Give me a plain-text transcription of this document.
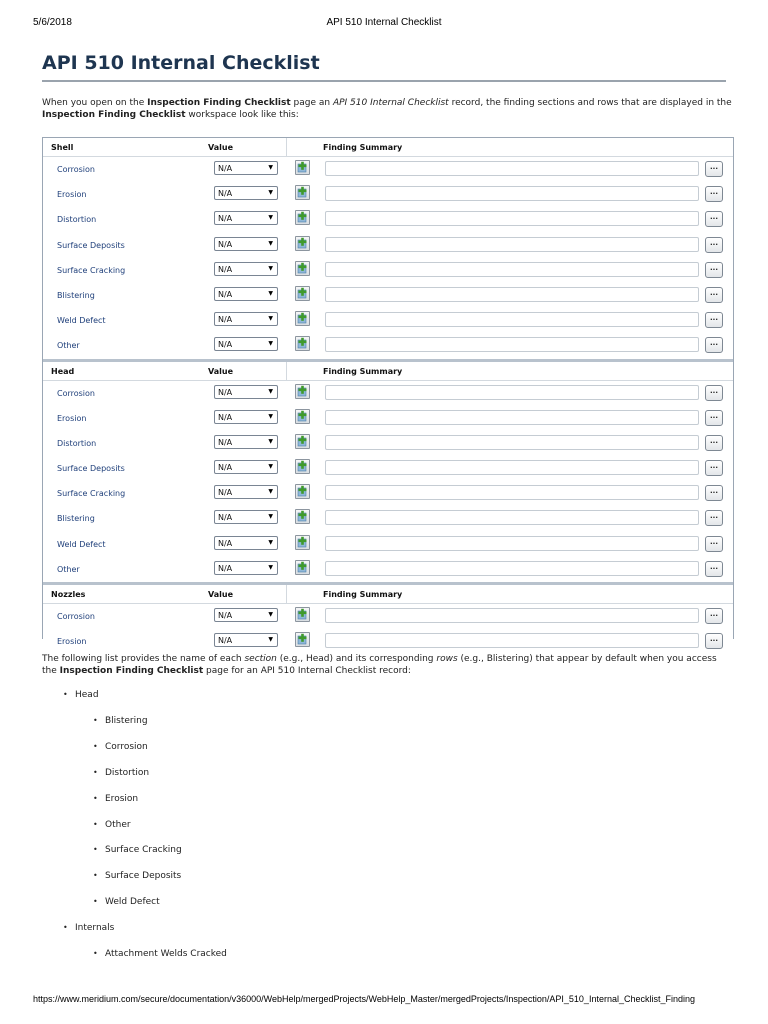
5/6/2018	API 510 Internal Checklist
API 510 Internal Checklist

When you open on the Inspection Finding Checklist page an API 510 Internal Checklist record, the finding sections and rows that are displayed in the Inspection Finding Checklist workspace look like this:

Shell	Value	Finding Summary
Corrosion	N/A	▼	...
Erosion	N/A	▼	...
Distortion	N/A	▼	...
Surface Deposits	N/A	▼	...
Surface Cracking	N/A	▼	...
Blistering	N/A	▼	...
Weld Defect	N/A	▼	...
Other	N/A	▼	...
Head	Value	Finding Summary
Corrosion	N/A	▼	...
Erosion	N/A	▼	...
Distortion	N/A	▼	...
Surface Deposits	N/A	▼	...
Surface Cracking	N/A	▼	...
Blistering	N/A	▼	...
Weld Defect	N/A	▼	...
Other	N/A	▼	...
Nozzles	Value	Finding Summary
Corrosion	N/A	▼	...
Erosion	N/A	▼	...

The following list provides the name of each section (e.g., Head) and its corresponding rows (e.g., Blistering) that appear by default when you access the Inspection Finding Checklist page for an API 510 Internal Checklist record:

• Head
• Blistering
• Corrosion
• Distortion
• Erosion
• Other
• Surface Cracking
• Surface Deposits
• Weld Defect
• Internals
• Attachment Welds Cracked
https://www.meridium.com/secure/documentation/v36000/WebHelp/mergedProjects/WebHelp_Master/mergedProjects/Inspection/API_510_Internal_Checklist_Finding
